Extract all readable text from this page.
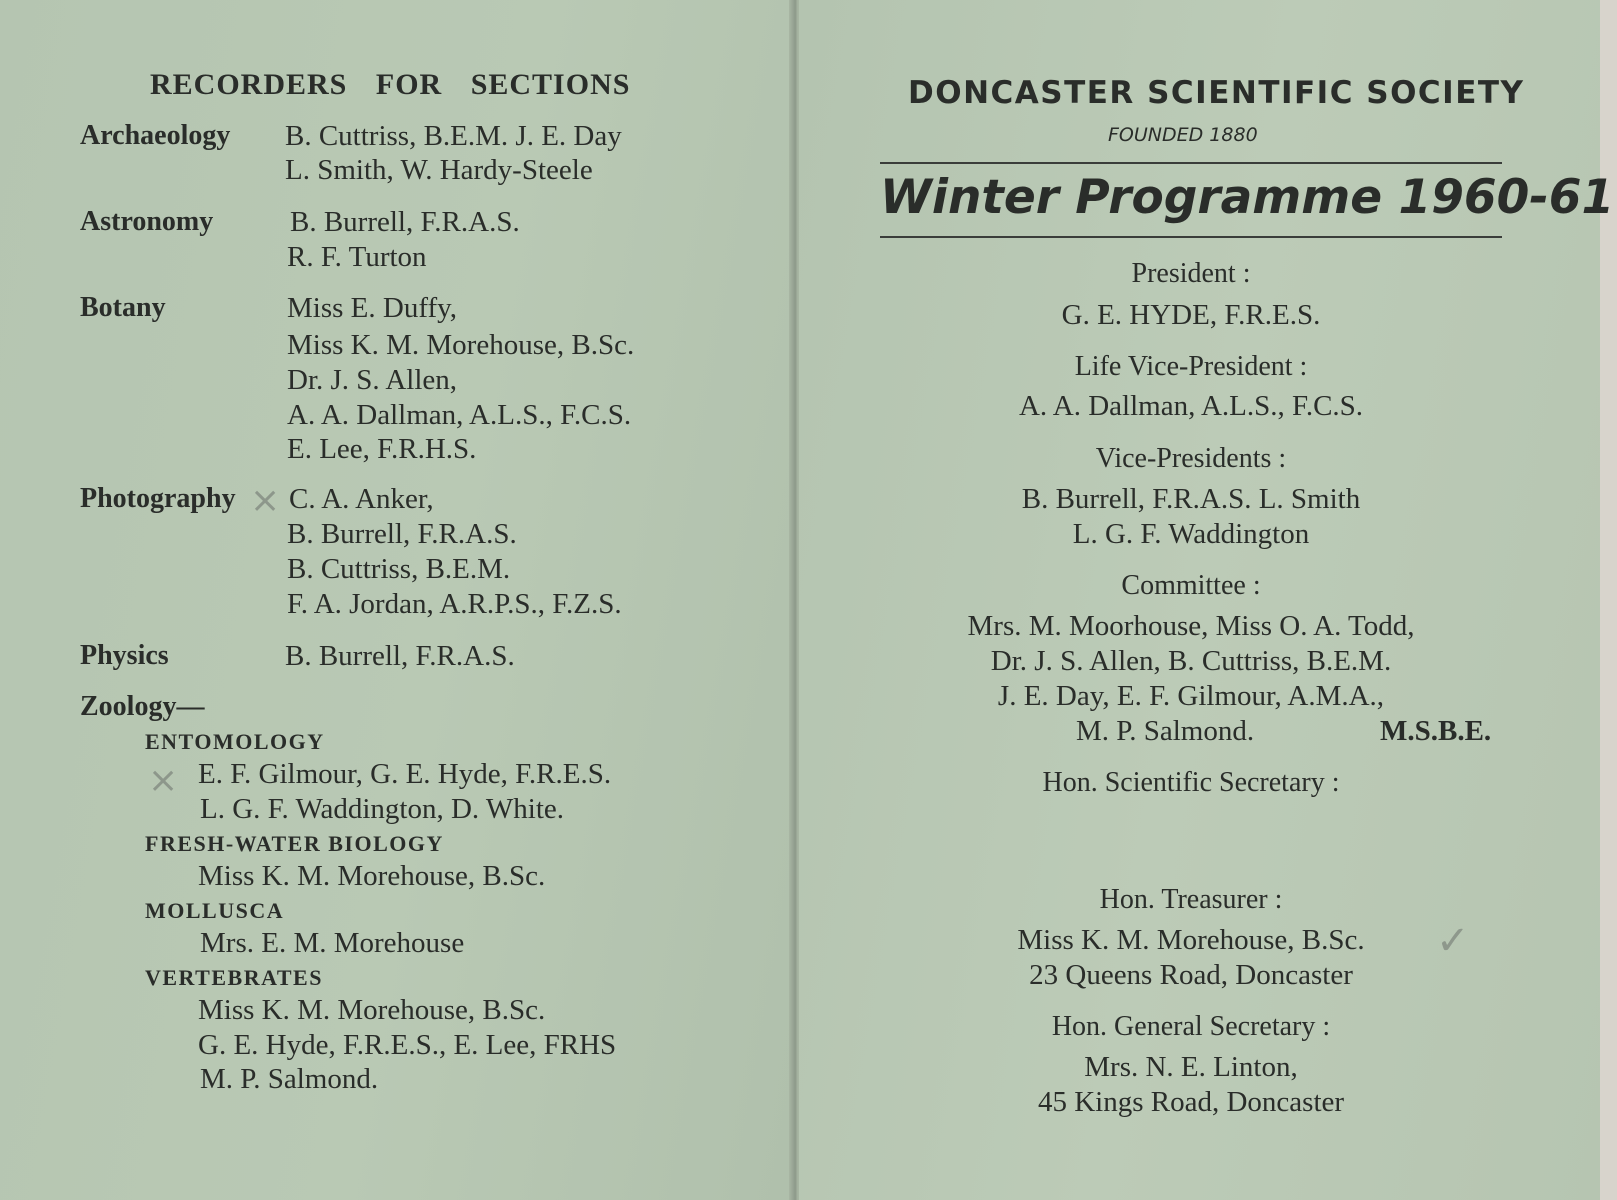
RECORDERS FOR SECTIONS
Archaeology B. Cuttriss, B.E.M. J. E. Day
L. Smith, W. Hardy-Steele
Astronomy	B. Burrell, F.R.A.S.
R. F. Turton
Botany	Miss E. Duffy,
Miss K. M. Morehouse, B.Sc.
Dr. J. S. Allen,
A. A. Dallman, A.L.S., F.C.S.
E. Lee, F.R.H.S.
Photography × C. A. Anker,
B. Burrell, F.R.A.S.
B. Cuttriss, B.E.M.
F. A. Jordan, A.R.P.S., F.Z.S.
Physics	B. Burrell, F.R.A.S.
Zoology—
ENTOMOLOGY
× E. F. Gilmour, G. E. Hyde, F.R.E.S.
L. G. F. Waddington, D. White.
FRESH-WATER BIOLOGY
Miss K. M. Morehouse, B.Sc.
MOLLUSCA
Mrs. E. M. Morehouse
VERTEBRATES
Miss K. M. Morehouse, B.Sc.
G. E. Hyde, F.R.E.S., E. Lee, FRHS
M. P. Salmond.
DONCASTER SCIENTIFIC SOCIETY
FOUNDED 1880
Winter Programme 1960-61
President :
G. E. HYDE, F.R.E.S.
Life Vice-President :
A. A. Dallman, A.L.S., F.C.S.
Vice-Presidents :
B. Burrell, F.R.A.S. L. Smith
L. G. F. Waddington
Committee :
Mrs. M. Moorhouse, Miss O. A. Todd,
Dr. J. S. Allen, B. Cuttriss, B.E.M.
J. E. Day, E. F. Gilmour, A.M.A.,
M. P. Salmond.	M.S.B.E.
Hon. Scientific Secretary :
Hon. Treasurer :
Miss K. M. Morehouse, B.Sc.
23 Queens Road, Doncaster
✓
Hon. General Secretary :
Mrs. N. E. Linton,
45 Kings Road, Doncaster
